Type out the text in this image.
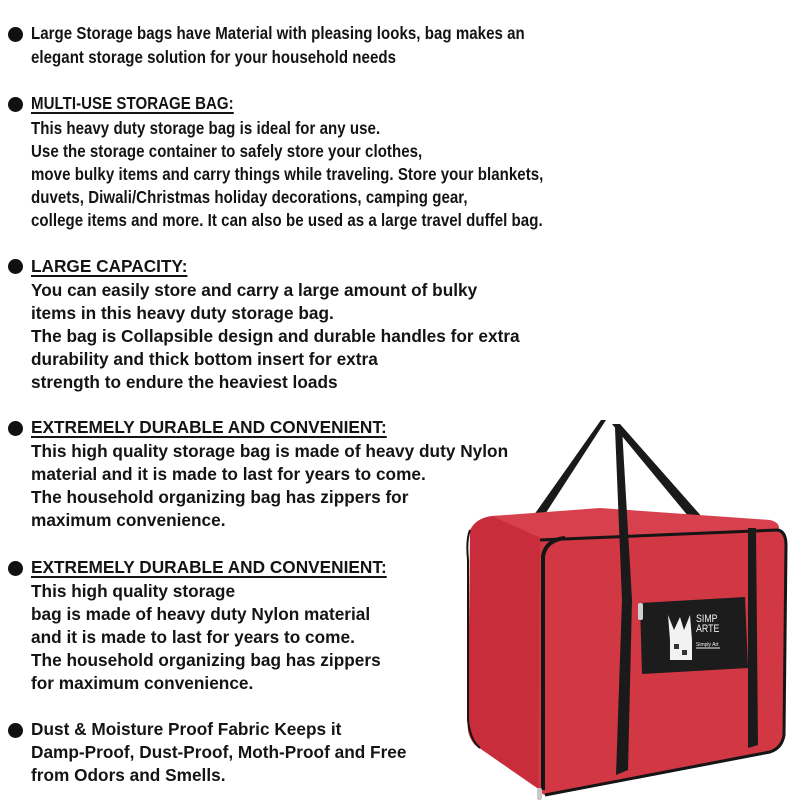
Large Storage bags have Material with pleasing looks, bag makes an
elegant storage solution for your household needs
MULTI-USE STORAGE BAG:
This heavy duty storage bag is ideal for any use.
Use the storage container to safely store your clothes,
move bulky items and carry things while traveling. Store your blankets,
duvets, Diwali/Christmas holiday decorations, camping gear,
college items and more. It can also be used as a large travel duffel bag.
LARGE CAPACITY:
You can easily store and carry a large amount of bulky
items in this heavy duty storage bag.
The bag is Collapsible design and durable handles for extra
durability and thick bottom insert for extra
strength to endure the heaviest loads
EXTREMELY DURABLE AND CONVENIENT:
This high quality storage bag is made of heavy duty Nylon
material and it is made to last for years to come.
The household organizing bag has zippers for
maximum convenience.
EXTREMELY DURABLE AND CONVENIENT:
This high quality storage
bag is made of heavy duty Nylon material
and it is made to last for years to come.
The household organizing bag has zippers
for maximum convenience.
Dust & Moisture Proof Fabric Keeps it
Damp-Proof, Dust-Proof, Moth-Proof and Free
from Odors and Smells.
SIMP
ARTE
Simply Art
